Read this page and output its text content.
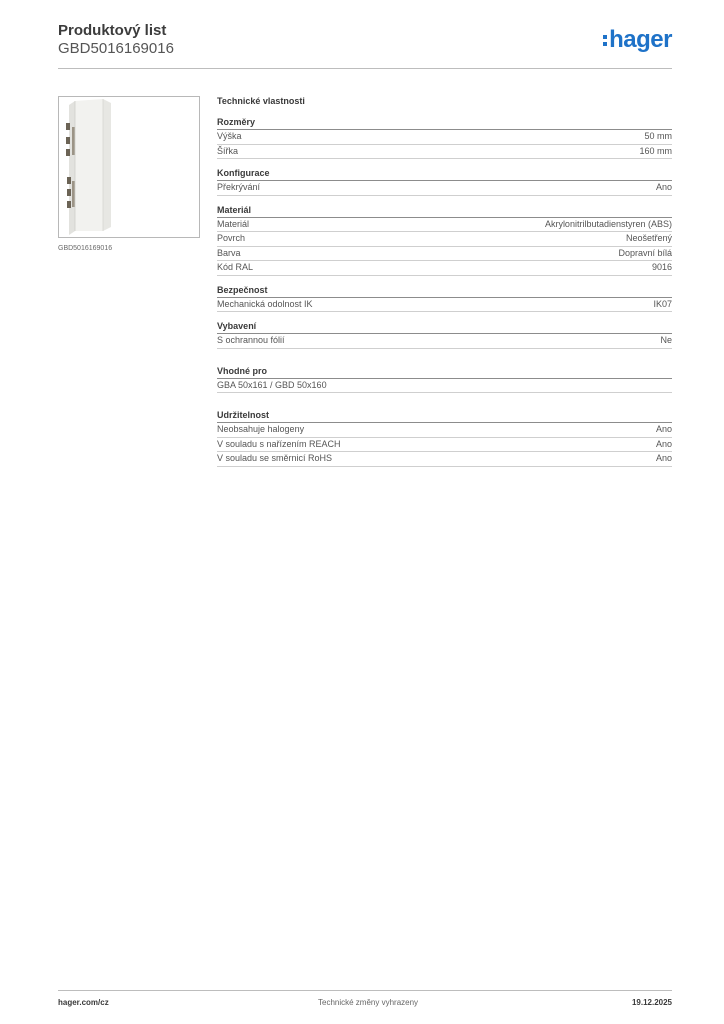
Produktový list
GBD5016169016	hager
GBD5016169016
Technické vlastnosti
Rozměry
Výška	50 mm
Šířka	160 mm
Konfigurace
Překrývání	Ano
Materiál
Materiál	Akrylonitrilbutadienstyren (ABS)
Povrch	Neošetřený
Barva	Dopravní bílá
Kód RAL	9016
Bezpečnost
Mechanická odolnost IK	IK07
Vybavení
S ochrannou fólií	Ne
Vhodné pro
GBA 50x161 / GBD 50x160
Udržitelnost
Neobsahuje halogeny	Ano
V souladu s nařízením REACH	Ano
V souladu se směrnicí RoHS	Ano
hager.com/cz	Technické změny vyhrazeny	19.12.2025
